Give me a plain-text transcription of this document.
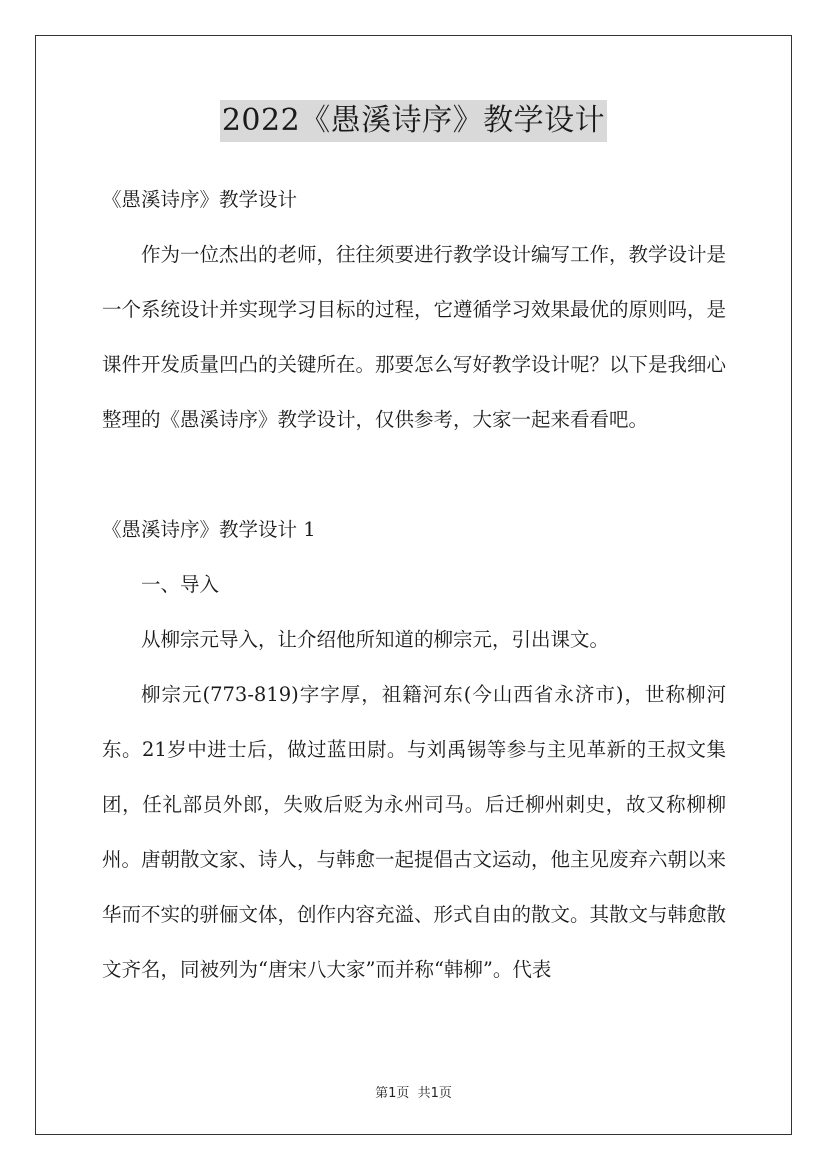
2022《愚溪诗序》教学设计

《愚溪诗序》教学设计

作为一位杰出的老师，往往须要进行教学设计编写工作，教学设计是一个系统设计并实现学习目标的过程，它遵循学习效果最优的原则吗，是课件开发质量凹凸的关键所在。那要怎么写好教学设计呢？以下是我细心整理的《愚溪诗序》教学设计，仅供参考，大家一起来看看吧。

《愚溪诗序》教学设计 1

一、导入

从柳宗元导入，让介绍他所知道的柳宗元，引出课文。

柳宗元(773-819)字字厚，祖籍河东(今山西省永济市)，世称柳河东。21岁中进士后，做过蓝田尉。与刘禹锡等参与主见革新的王叔文集团，任礼部员外郎，失败后贬为永州司马。后迁柳州刺史，故又称柳柳州。唐朝散文家、诗人，与韩愈一起提倡古文运动，他主见废弃六朝以来华而不实的骈俪文体，创作内容充溢、形式自由的散文。其散文与韩愈散文齐名，同被列为“唐宋八大家”而并称“韩柳”。代表

第1页 共1页
